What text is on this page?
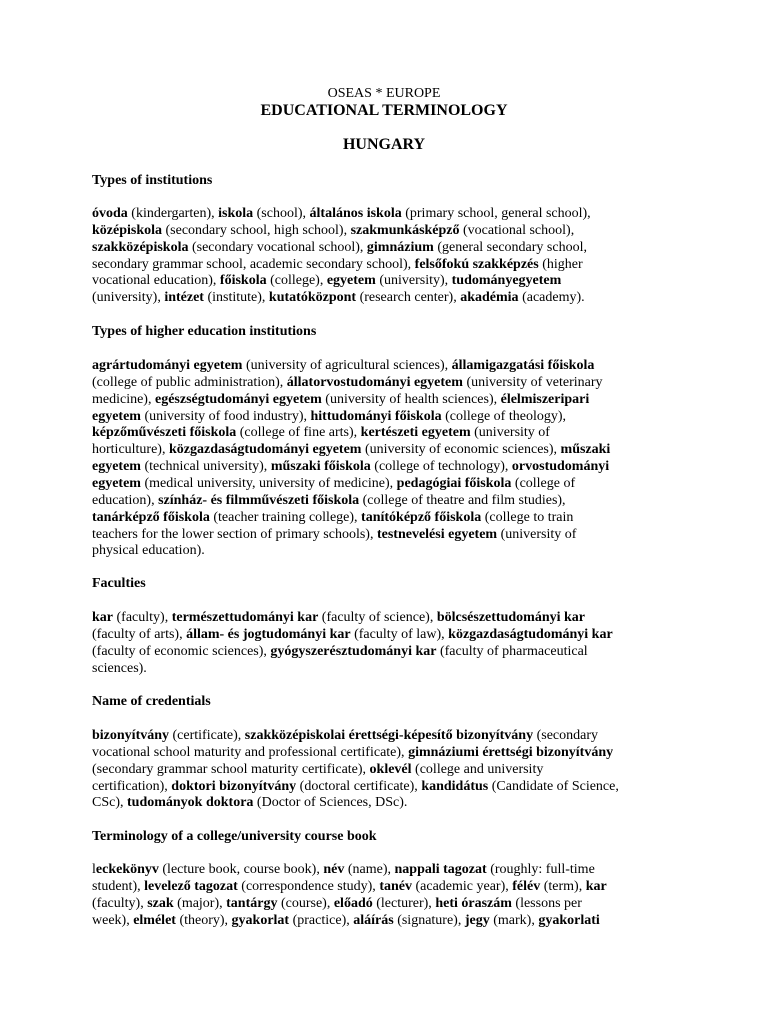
OSEAS * EUROPE
EDUCATIONAL TERMINOLOGY
HUNGARY
Types of institutions
óvoda (kindergarten), iskola (school), általános iskola (primary school, general school),
középiskola (secondary school, high school), szakmunkásképző (vocational school),
szakközépiskola (secondary vocational school), gimnázium (general secondary school,
secondary grammar school, academic secondary school), felsőfokú szakképzés (higher
vocational education), főiskola (college), egyetem (university), tudományegyetem
(university), intézet (institute), kutatóközpont (research center), akadémia (academy).
Types of higher education institutions
agrártudományi egyetem (university of agricultural sciences), államigazgatási főiskola
(college of public administration), állatorvostudományi egyetem (university of veterinary
medicine), egészségtudományi egyetem (university of health sciences), élelmiszeripari
egyetem (university of food industry), hittudományi főiskola (college of theology),
képzőművészeti főiskola (college of fine arts), kertészeti egyetem (university of
horticulture), közgazdaságtudományi egyetem (university of economic sciences), műszaki
egyetem (technical university), műszaki főiskola (college of technology), orvostudományi
egyetem (medical university, university of medicine), pedagógiai főiskola (college of
education), színház- és filmművészeti főiskola (college of theatre and film studies),
tanárképző főiskola (teacher training college), tanítóképző főiskola (college to train
teachers for the lower section of primary schools), testnevelési egyetem (university of
physical education).
Faculties
kar (faculty), természettudományi kar (faculty of science), bölcsészettudományi kar
(faculty of arts), állam- és jogtudományi kar (faculty of law), közgazdaságtudományi kar
(faculty of economic sciences), gyógyszerésztudományi kar (faculty of pharmaceutical
sciences).
Name of credentials
bizonyítvány (certificate), szakközépiskolai érettségi-képesítő bizonyítvány (secondary
vocational school maturity and professional certificate), gimnáziumi érettségi bizonyítvány
(secondary grammar school maturity certificate), oklevél (college and university
certification), doktori bizonyítvány (doctoral certificate), kandidátus (Candidate of Science,
CSc), tudományok doktora (Doctor of Sciences, DSc).
Terminology of a college/university course book
leckekönyv (lecture book, course book), név (name), nappali tagozat (roughly: full-time
student), levelező tagozat (correspondence study), tanév (academic year), félév (term), kar
(faculty), szak (major), tantárgy (course), előadó (lecturer), heti óraszám (lessons per
week), elmélet (theory), gyakorlat (practice), aláírás (signature), jegy (mark), gyakorlati
